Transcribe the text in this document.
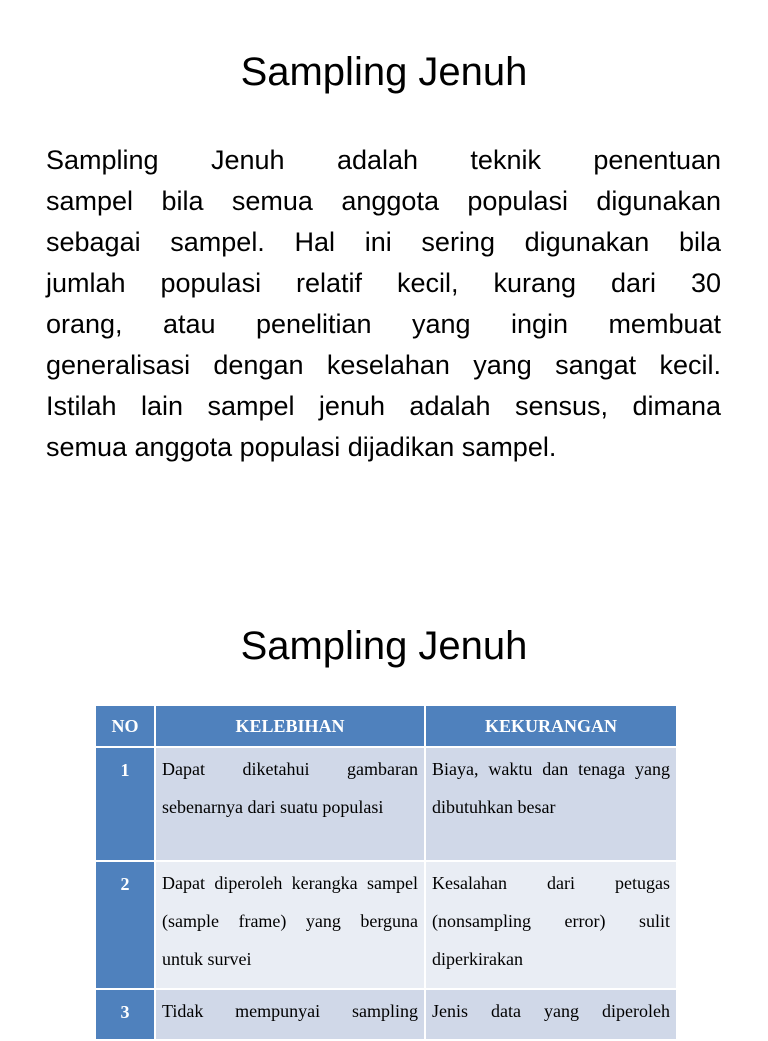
Sampling Jenuh
Sampling Jenuh adalah teknik penentuan
sampel bila semua anggota populasi digunakan
sebagai sampel. Hal ini sering digunakan bila
jumlah populasi relatif kecil, kurang dari 30
orang, atau penelitian yang ingin membuat
generalisasi dengan keselahan yang sangat kecil.
Istilah lain sampel jenuh adalah sensus, dimana
semua anggota populasi dijadikan sampel.
Sampling Jenuh
NO	KELEBIHAN	KEKURANGAN
1	Dapat diketahui gambaran sebenarnya dari suatu populasi	Biaya, waktu dan tenaga yang dibutuhkan besar
2	Dapat diperoleh kerangka sampel (sample frame) yang berguna untuk survei	Kesalahan dari petugas (nonsampling error) sulit diperkirakan
3	Tidak mempunyai sampling	Jenis data yang diperoleh
